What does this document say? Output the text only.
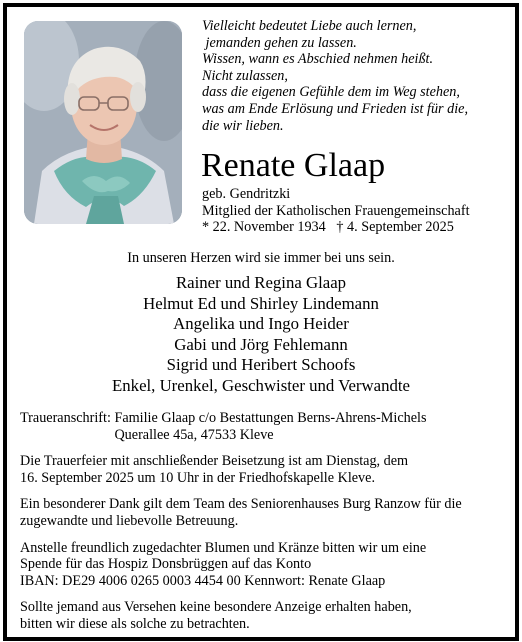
Vielleicht bedeutet Liebe auch lernen,
jemanden gehen zu lassen.
Wissen, wann es Abschied nehmen heißt.
Nicht zulassen,
dass die eigenen Gefühle dem im Weg stehen,
was am Ende Erlösung und Frieden ist für die,
die wir lieben.
Renate Glaap
geb. Gendritzki
Mitglied der Katholischen Frauengemeinschaft
* 22. November 1934   † 4. September 2025
In unseren Herzen wird sie immer bei uns sein.
Rainer und Regina Glaap
Helmut Ed und Shirley Lindemann
Angelika und Ingo Heider
Gabi und Jörg Fehlemann
Sigrid und Heribert Schoofs
Enkel, Urenkel, Geschwister und Verwandte
Traueranschrift: Familie Glaap c/o Bestattungen Berns-Ahrens-Michels
Querallee 45a, 47533 Kleve
Die Trauerfeier mit anschließender Beisetzung ist am Dienstag, dem
16. September 2025 um 10 Uhr in der Friedhofskapelle Kleve.
Ein besonderer Dank gilt dem Team des Seniorenhauses Burg Ranzow für die
zugewandte und liebevolle Betreuung.
Anstelle freundlich zugedachter Blumen und Kränze bitten wir um eine
Spende für das Hospiz Donsbrüggen auf das Konto
IBAN: DE29 4006 0265 0003 4454 00 Kennwort: Renate Glaap
Sollte jemand aus Versehen keine besondere Anzeige erhalten haben,
bitten wir diese als solche zu betrachten.
